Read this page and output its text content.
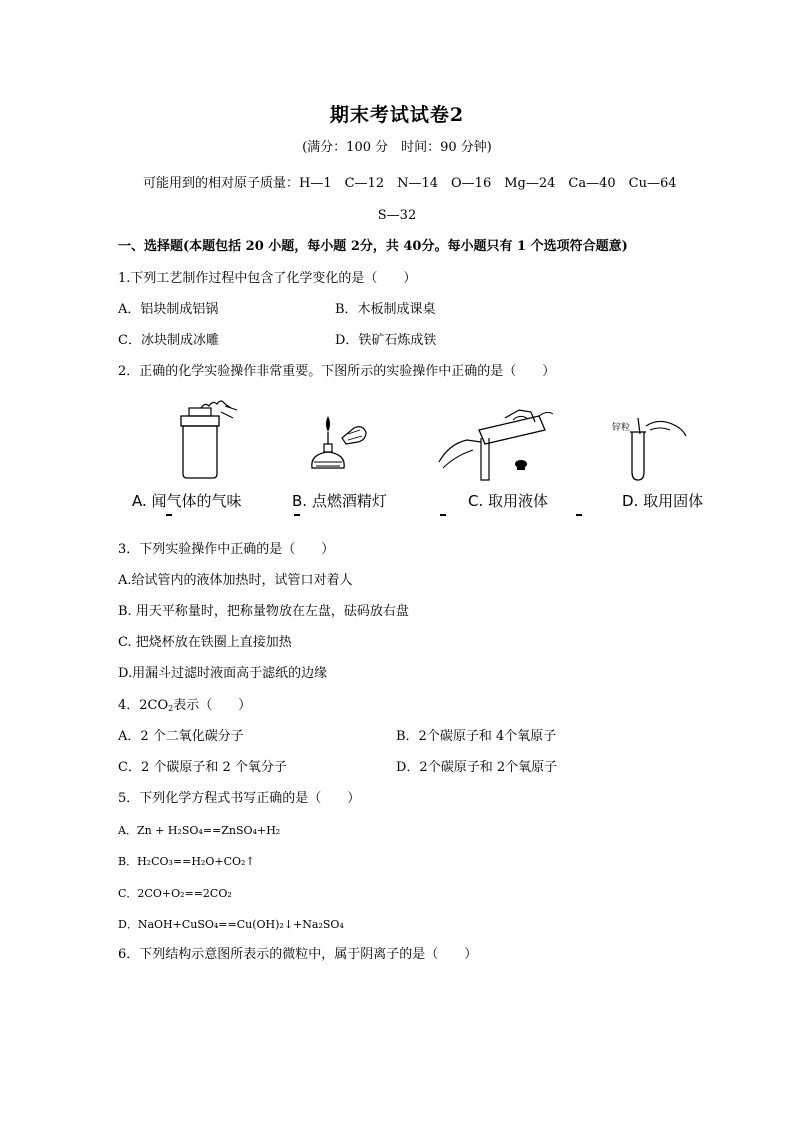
期末考试试卷2
(满分：100 分　时间：90 分钟)
可能用到的相对原子质量：H—1　C—12　N—14　O—16　Mg—24　Ca—40　Cu—64
S—32
一、选择题(本题包括 20 小题，每小题 2分，共 40分。每小题只有 1 个选项符合题意)
1.下列工艺制作过程中包含了化学变化的是（　　）
A．铝块制成铝锅	B．木板制成课桌
C．冰块制成冰雕	D．铁矿石炼成铁
2．正确的化学实验操作非常重要。下图所示的实验操作中正确的是（　　）
锌粒
A. 闻气体的气味	B. 点燃酒精灯	C. 取用液体	D. 取用固体
3．下列实验操作中正确的是（　　）
A.给试管内的液体加热时，试管口对着人
B. 用天平称量时，把称量物放在左盘，砝码放右盘
C. 把烧杯放在铁圈上直接加热
D.用漏斗过滤时液面高于滤纸的边缘
4．$2CO_2$表示（　　）
A．2 个二氧化碳分子	B．2个碳原子和 4个氧原子
C．2 个碳原子和 2 个氧分子	D．2个碳原子和 2个氧原子
5．下列化学方程式书写正确的是（　　）
A．Zn + H₂SO₄==ZnSO₄+H₂
B．H₂CO₃==H₂O+CO₂↑
C．2CO+O₂==2CO₂
D．NaOH+CuSO₄==Cu(OH)₂↓+Na₂SO₄
6．下列结构示意图所表示的微粒中，属于阴离子的是（　　）
